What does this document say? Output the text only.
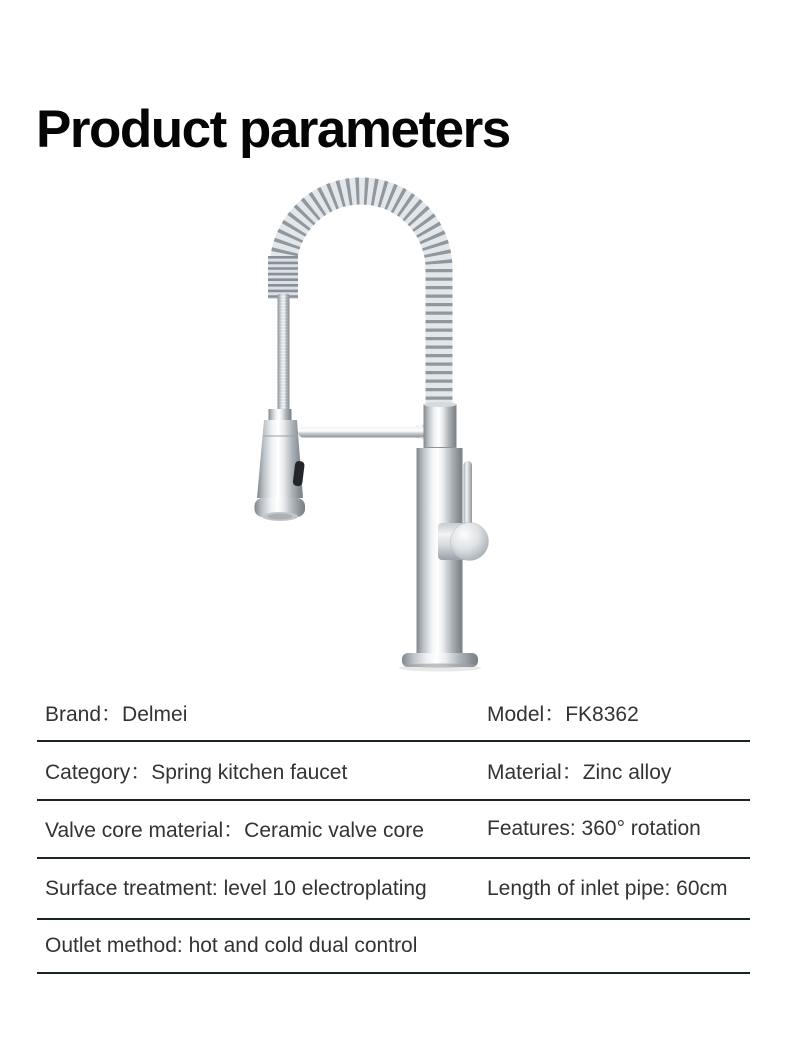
Product parameters
Brand：Delmei	Model：FK8362
Category：Spring kitchen faucet	Material：Zinc alloy
Valve core material：Ceramic valve core	Features: 360° rotation
Surface treatment: level 10 electroplating	Length of inlet pipe: 60cm
Outlet method: hot and cold dual control
